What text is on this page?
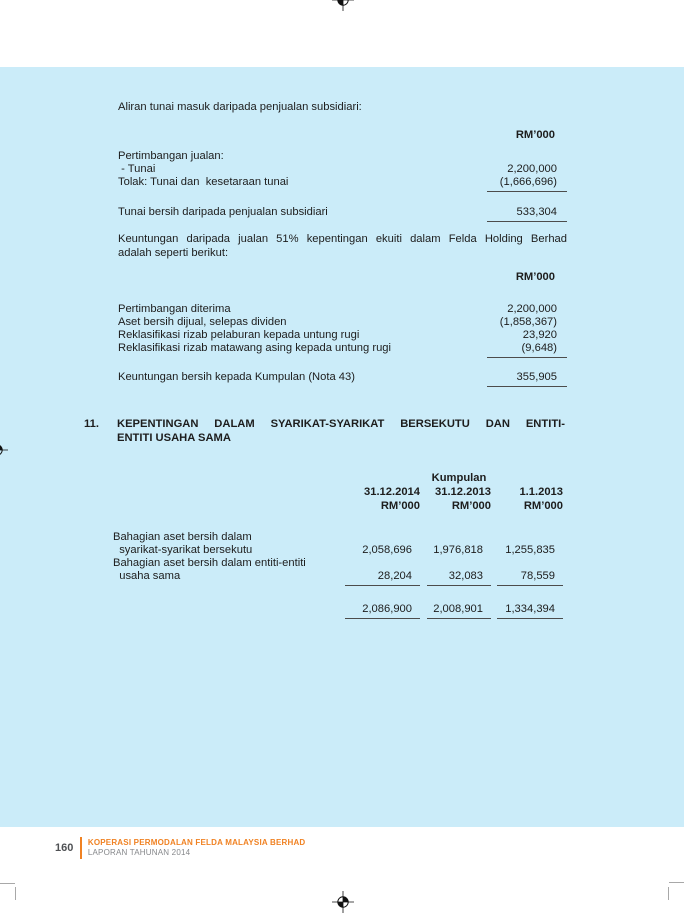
Aliran tunai masuk daripada penjualan subsidiari:
RM’000
Pertimbangan jualan:
- Tunai	2,200,000
Tolak: Tunai dan  kesetaraan tunai	(1,666,696)
Tunai bersih daripada penjualan subsidiari	533,304
Keuntungan daripada jualan 51% kepentingan ekuiti dalam Felda Holding Berhad
adalah seperti berikut:
RM’000
Pertimbangan diterima	2,200,000
Aset bersih dijual, selepas dividen	(1,858,367)
Reklasifikasi rizab pelaburan kepada untung rugi	23,920
Reklasifikasi rizab matawang asing kepada untung rugi	(9,648)
Keuntungan bersih kepada Kumpulan (Nota 43)	355,905
11. KEPENTINGAN DALAM SYARIKAT-SYARIKAT BERSEKUTU DAN ENTITI-
ENTITI USAHA SAMA
Kumpulan
31.12.2014	31.12.2013	1.1.2013
RM’000	RM’000	RM’000
Bahagian aset bersih dalam
syarikat-syarikat bersekutu	2,058,696	1,976,818	1,255,835
Bahagian aset bersih dalam entiti-entiti
usaha sama	28,204	32,083	78,559
2,086,900	2,008,901	1,334,394
160 KOPERASI PERMODALAN FELDA MALAYSIA BERHAD
LAPORAN TAHUNAN 2014
